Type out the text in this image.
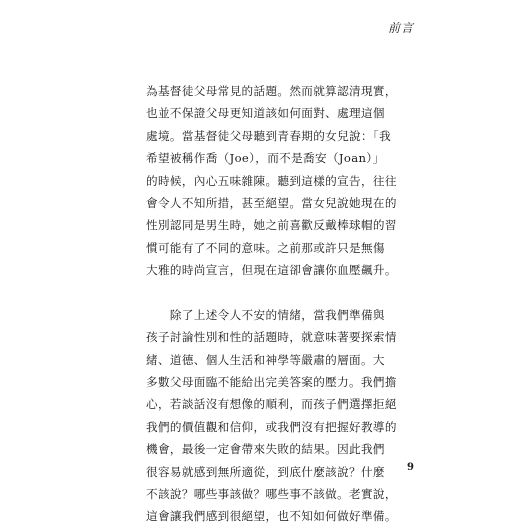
前言
為基督徒父母常見的話題。然而就算認清現實，
也並不保證父母更知道該如何面對、處理這個
處境。當基督徒父母聽到青春期的女兒說：「我
希望被稱作喬（Joe），而不是喬安（Joan）」
的時候，內心五味雜陳。聽到這樣的宣告，往往
會令人不知所措，甚至絕望。當女兒說她現在的
性別認同是男生時，她之前喜歡反戴棒球帽的習
慣可能有了不同的意味。之前那或許只是無傷
大雅的時尚宣言，但現在這卻會讓你血壓飆升。
　　除了上述令人不安的情緒，當我們準備與
孩子討論性別和性的話題時，就意味著要探索情
緒、道德、個人生活和神學等嚴肅的層面。大
多數父母面臨不能給出完美答案的壓力。我們擔
心，若談話沒有想像的順利，而孩子們選擇拒絕
我們的價值觀和信仰，或我們沒有把握好教導的
機會，最後一定會帶來失敗的結果。因此我們
很容易就感到無所適從，到底什麼該說？什麼
不該說？哪些事該做？哪些事不該做。老實說，
這會讓我們感到很絕望，也不知如何做好準備。
9
